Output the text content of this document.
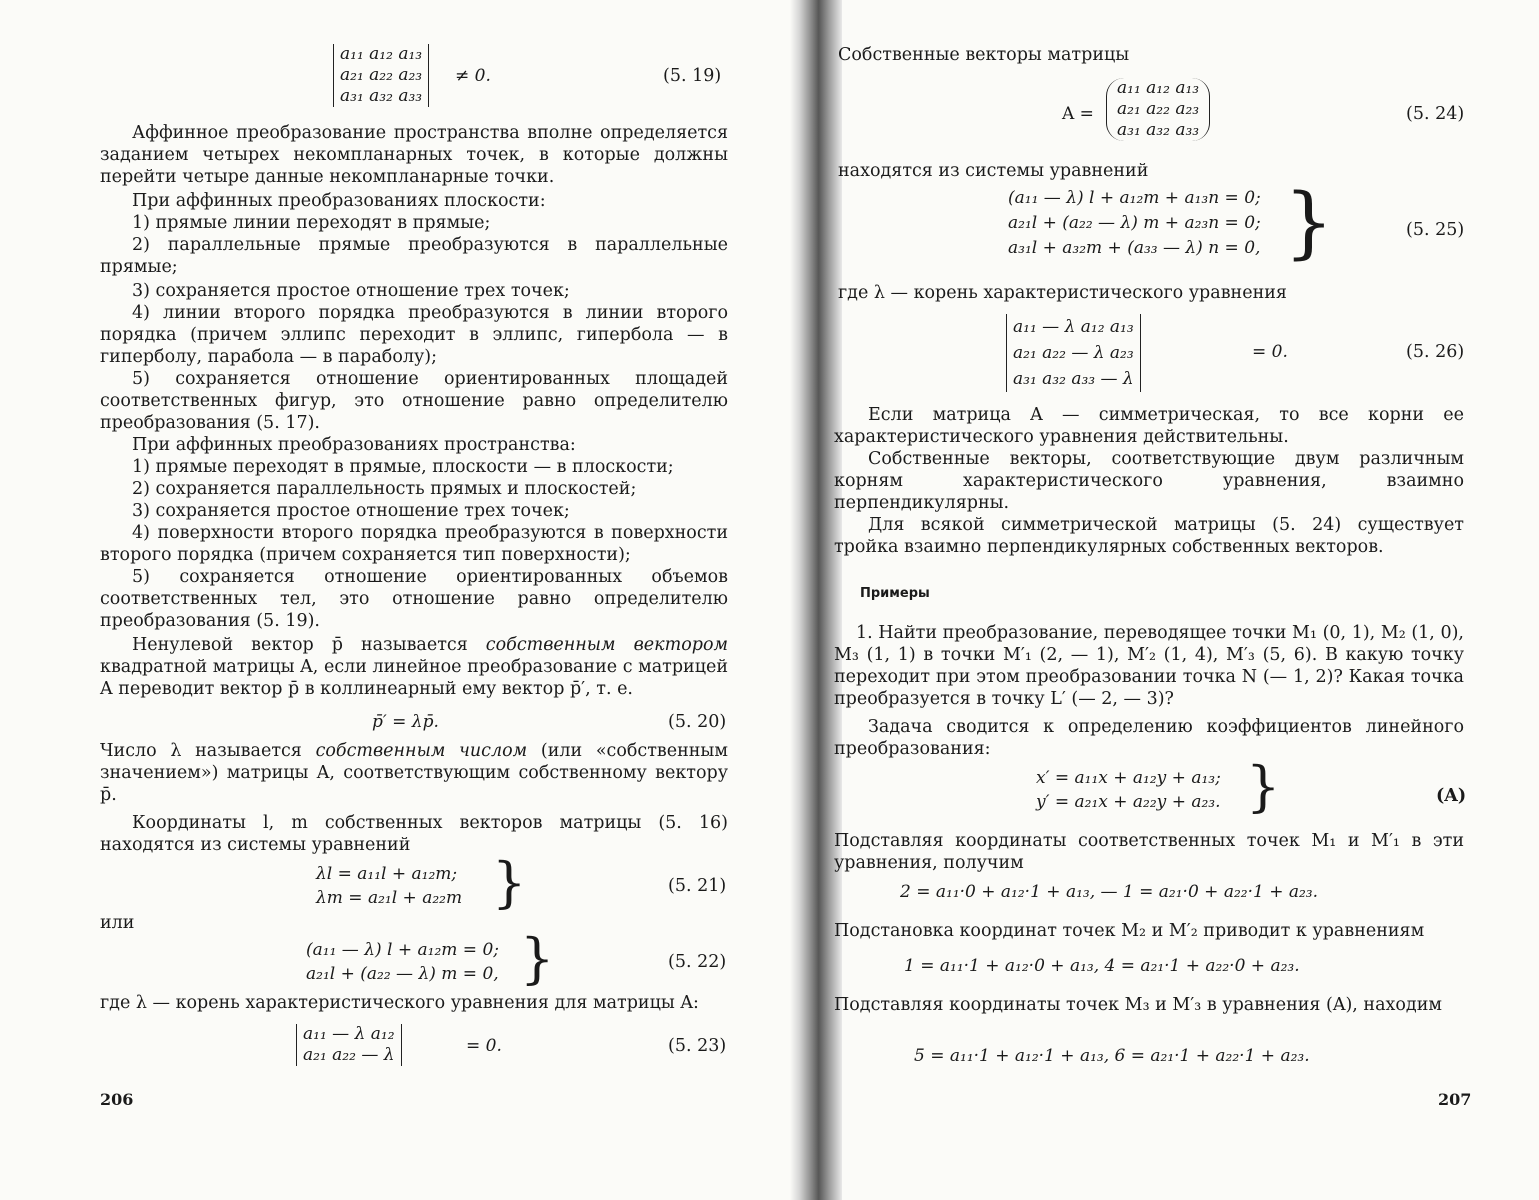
a₁₁ a₁₂ a₁₃
a₂₁ a₂₂ a₂₃
a₃₁ a₃₂ a₃₃
≠ 0.	(5. 19)

Аффинное преобразование пространства вполне определяется заданием четырех некомпланарных точек, в которые должны перейти четыре данные некомпланарные точки.

При аффинных преобразованиях плоскости:
1) прямые линии переходят в прямые;

2) параллельные прямые преобразуются в параллельные прямые;

3) сохраняется простое отношение трех точек;

4) линии второго порядка преобразуются в линии второго порядка (причем эллипс переходит в эллипс, гипербола — в гиперболу, парабола — в параболу);

5) сохраняется отношение ориентированных площадей соответственных фигур, это отношение равно определителю преобразования (5. 17).

При аффинных преобразованиях пространства:
1) прямые переходят в прямые, плоскости — в плоскости;
2) сохраняется параллельность прямых и плоскостей;
3) сохраняется простое отношение трех точек;

4) поверхности второго порядка преобразуются в поверхности второго порядка (причем сохраняется тип поверхности);

5) сохраняется отношение ориентированных объемов соответственных тел, это отношение равно определителю преобразования (5. 19).

Ненулевой вектор p̄ называется собственным вектором квадратной матрицы A, если линейное преобразование с матрицей A переводит вектор p̄ в коллинеарный ему вектор p̄′, т. е.

p̄′ = λp̄.	(5. 20)

Число λ называется собственным числом (или «собственным значением») матрицы A, соответствующим собственному вектору p̄.

Координаты l, m собственных векторов матрицы (5. 16) находятся из системы уравнений

λl = a₁₁l + a₁₂m;
λm = a₂₁l + a₂₂m }	(5. 21)
или
(a₁₁ — λ) l + a₁₂m = 0;
a₂₁l + (a₂₂ — λ) m = 0, }	(5. 22)
где λ — корень характеристического уравнения для матрицы A:
a₁₁ — λ a₁₂
a₂₁ a₂₂ — λ	= 0.	(5. 23)
206
Собственные векторы матрицы
A =
a₁₁ a₁₂ a₁₃
a₂₁ a₂₂ a₂₃
a₃₁ a₃₂ a₃₃
(5. 24)
находятся из системы уравнений
(a₁₁ — λ) l + a₁₂m + a₁₃n = 0;
a₂₁l + (a₂₂ — λ) m + a₂₃n = 0;
a₃₁l + a₃₂m + (a₃₃ — λ) n = 0, }	(5. 25)
где λ — корень характеристического уравнения
a₁₁ — λ a₁₂ a₁₃
a₂₁ a₂₂ — λ a₂₃
a₃₁ a₃₂ a₃₃ — λ
= 0.	(5. 26)

Если матрица A — симметрическая, то все корни ее характеристического уравнения действительны.

Собственные векторы, соответствующие двум различным корням характеристического уравнения, взаимно перпендикулярны.

Для всякой симметрической матрицы (5. 24) существует тройка взаимно перпендикулярных собственных векторов.

Примеры

1. Найти преобразование, переводящее точки M₁ (0, 1), M₂ (1, 0), M₃ (1, 1) в точки M′₁ (2, — 1), M′₂ (1, 4), M′₃ (5, 6). В какую точку переходит при этом преобразовании точка N (— 1, 2)? Какая точка преобразуется в точку L′ (— 2, — 3)?

Задача сводится к определению коэффициентов линейного преобразования:

x′ = a₁₁x + a₁₂y + a₁₃;
y′ = a₂₁x + a₂₂y + a₂₃. }	(A)

Подставляя координаты соответственных точек M₁ и M′₁ в эти уравнения, получим

2 = a₁₁·0 + a₁₂·1 + a₁₃, — 1 = a₂₁·0 + a₂₂·1 + a₂₃.

Подстановка координат точек M₂ и M′₂ приводит к уравнениям

1 = a₁₁·1 + a₁₂·0 + a₁₃, 4 = a₂₁·1 + a₂₂·0 + a₂₃.

Подставляя координаты точек M₃ и M′₃ в уравнения (A), находим

5 = a₁₁·1 + a₁₂·1 + a₁₃, 6 = a₂₁·1 + a₂₂·1 + a₂₃.
207
